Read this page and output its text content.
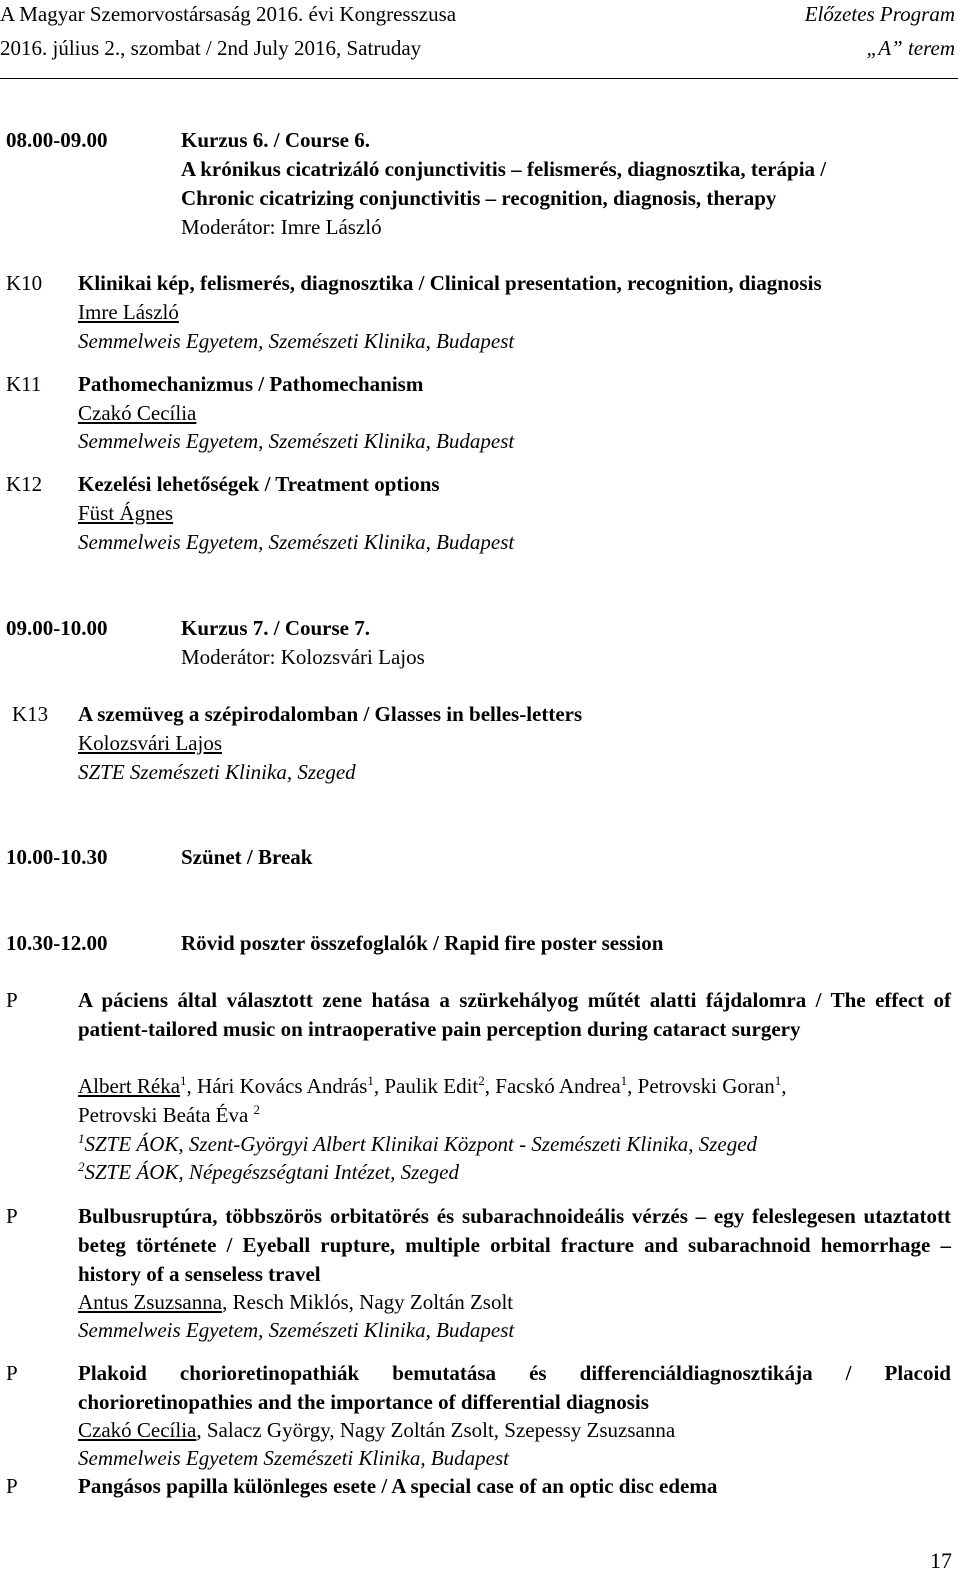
A Magyar Szemorvostársaság 2016. évi Kongresszusa	Előzetes Program
2016. július 2., szombat / 2nd July 2016, Satruday	„A” terem
08.00-09.00	Kurzus 6. / Course 6.
A krónikus cicatrizáló conjunctivitis – felismerés, diagnosztika, terápia /
Chronic cicatrizing conjunctivitis – recognition, diagnosis, therapy
Moderátor: Imre László
K10 Klinikai kép, felismerés, diagnosztika / Clinical presentation, recognition, diagnosis
Imre László
Semmelweis Egyetem, Szemészeti Klinika, Budapest
K11 Pathomechanizmus / Pathomechanism
Czakó Cecília
Semmelweis Egyetem, Szemészeti Klinika, Budapest
K12 Kezelési lehetőségek / Treatment options
Füst Ágnes
Semmelweis Egyetem, Szemészeti Klinika, Budapest
09.00-10.00	Kurzus 7. / Course 7.
Moderátor: Kolozsvári Lajos
K13 A szemüveg a szépirodalomban / Glasses in belles-letters
Kolozsvári Lajos
SZTE Szemészeti Klinika, Szeged
10.00-10.30	Szünet / Break
10.30-12.00	Rövid poszter összefoglalók / Rapid fire poster session
P	A páciens által választott zene hatása a szürkehályog műtét alatti fájdalomra / The effect of patient-tailored music on intraoperative pain perception during cataract surgery
Albert Réka$^1$, Hári Kovács András$^1$, Paulik Edit$^2$, Facskó Andrea$^1$, Petrovski Goran$^1$,
Petrovski Beáta Éva $^2$
$^1$SZTE ÁOK, Szent-Györgyi Albert Klinikai Központ - Szemészeti Klinika, Szeged
$^2$SZTE ÁOK, Népegészségtani Intézet, Szeged
P	Bulbusruptúra, többszörös orbitatörés és subarachnoideális vérzés – egy feleslegesen utaztatott beteg története / Eyeball rupture, multiple orbital fracture and subarachnoid hemorrhage – history of a senseless travel
Antus Zsuzsanna, Resch Miklós, Nagy Zoltán Zsolt
Semmelweis Egyetem, Szemészeti Klinika, Budapest
P	Plakoid chorioretinopathiák bemutatása és differenciáldiagnosztikája / Placoid chorioretinopathies and the importance of differential diagnosis
Czakó Cecília, Salacz György, Nagy Zoltán Zsolt, Szepessy Zsuzsanna
Semmelweis Egyetem Szemészeti Klinika, Budapest
P	Pangásos papilla különleges esete / A special case of an optic disc edema
17
